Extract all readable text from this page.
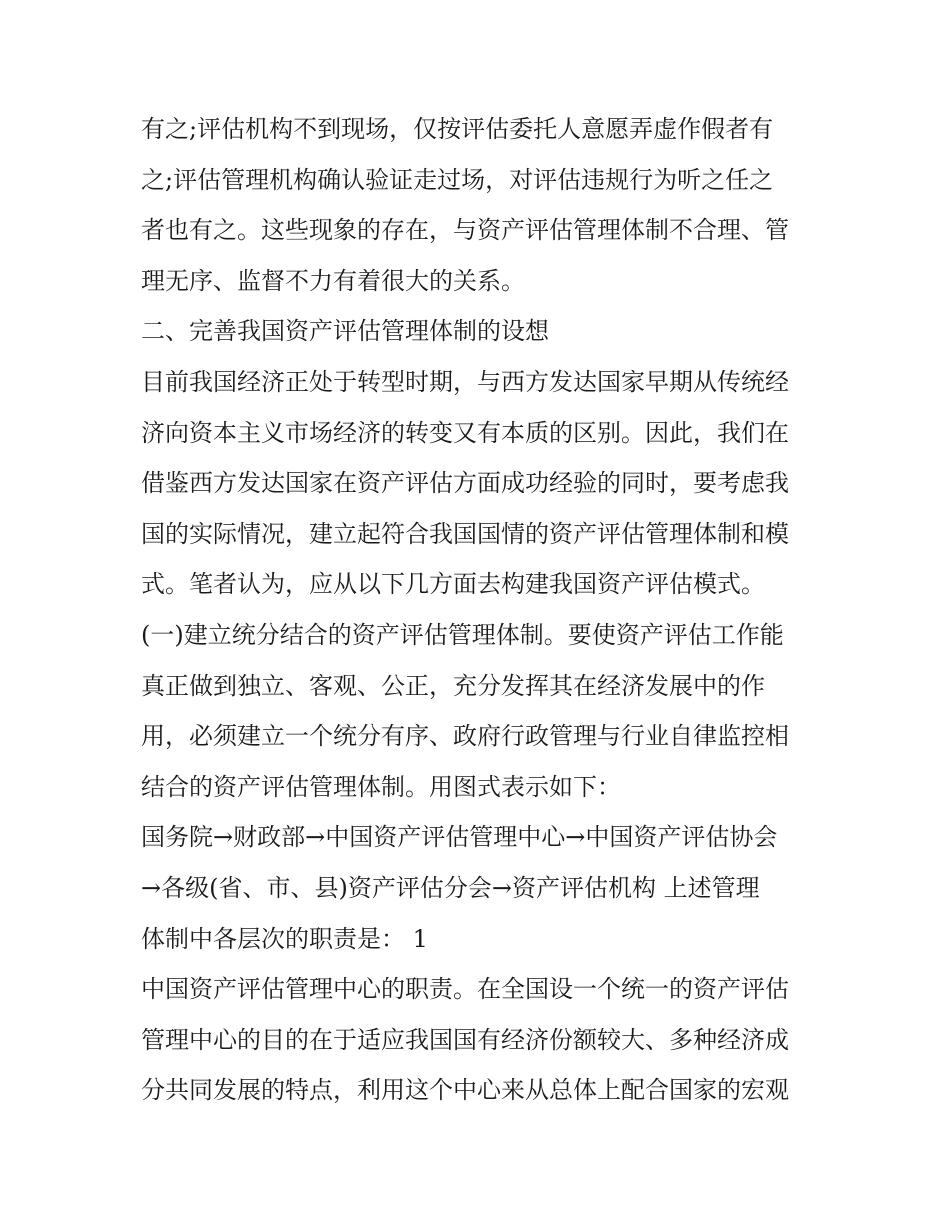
有之;评估机构不到现场，仅按评估委托人意愿弄虚作假者有
之;评估管理机构确认验证走过场，对评估违规行为听之任之
者也有之。这些现象的存在，与资产评估管理体制不合理、管
理无序、监督不力有着很大的关系。
二、完善我国资产评估管理体制的设想
目前我国经济正处于转型时期，与西方发达国家早期从传统经
济向资本主义市场经济的转变又有本质的区别。因此，我们在
借鉴西方发达国家在资产评估方面成功经验的同时，要考虑我
国的实际情况，建立起符合我国国情的资产评估管理体制和模
式。笔者认为，应从以下几方面去构建我国资产评估模式。
(一)建立统分结合的资产评估管理体制。要使资产评估工作能
真正做到独立、客观、公正，充分发挥其在经济发展中的作
用，必须建立一个统分有序、政府行政管理与行业自律监控相
结合的资产评估管理体制。用图式表示如下：
国务院→财政部→中国资产评估管理中心→中国资产评估协会
→各级(省、市、县)资产评估分会→资产评估机构 上述管理
体制中各层次的职责是： 1
中国资产评估管理中心的职责。在全国设一个统一的资产评估
管理中心的目的在于适应我国国有经济份额较大、多种经济成
分共同发展的特点，利用这个中心来从总体上配合国家的宏观
